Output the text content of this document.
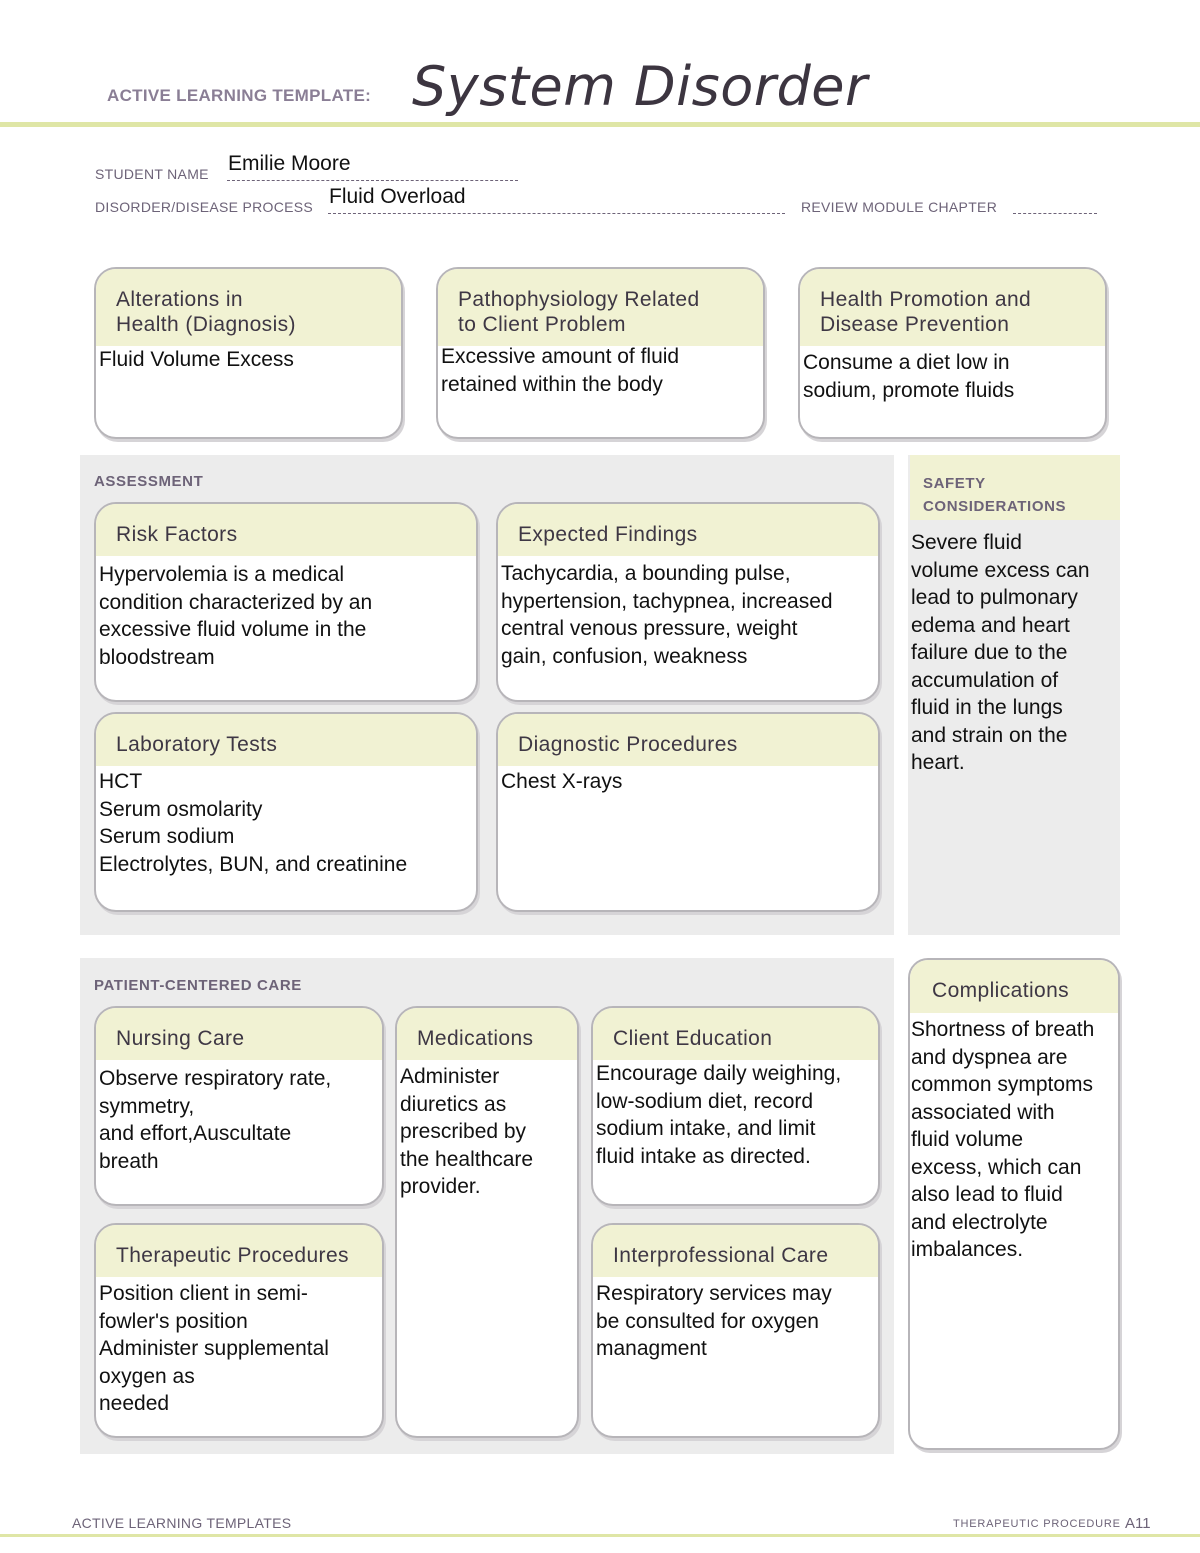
ACTIVE LEARNING TEMPLATE: System Disorder
STUDENT NAME Emilie Moore
DISORDER/DISEASE PROCESS Fluid Overload	REVIEW MODULE CHAPTER
Alterations in
Health (Diagnosis)
Fluid Volume Excess
Pathophysiology Related
to Client Problem
Excessive amount of fluid
retained within the body
Health Promotion and
Disease Prevention
Consume a diet low in
sodium, promote fluids
ASSESSMENT
Risk Factors
Hypervolemia is a medical
condition characterized by an
excessive fluid volume in the
bloodstream
Expected Findings
Tachycardia, a bounding pulse,
hypertension, tachypnea, increased
central venous pressure, weight
gain, confusion, weakness
Laboratory Tests
HCT
Serum osmolarity
Serum sodium
Electrolytes, BUN, and creatinine
Diagnostic Procedures
Chest X-rays
SAFETY
CONSIDERATIONS
Severe fluid
volume excess can
lead to pulmonary
edema and heart
failure due to the
accumulation of
fluid in the lungs
and strain on the
heart.
PATIENT-CENTERED CARE
Nursing Care
Observe respiratory rate,
symmetry,
and effort,Auscultate
breath
Medications
Administer
diuretics as
prescribed by
the healthcare
provider.
Client Education
Encourage daily weighing,
low-sodium diet, record
sodium intake, and limit
fluid intake as directed.
Therapeutic Procedures
Position client in semi-
fowler's position
Administer supplemental
oxygen as
needed
Interprofessional Care
Respiratory services may
be consulted for oxygen
managment
Complications
Shortness of breath
and dyspnea are
common symptoms
associated with
fluid volume
excess, which can
also lead to fluid
and electrolyte
imbalances.
ACTIVE LEARNING TEMPLATES	THERAPEUTIC PROCEDURE A11
